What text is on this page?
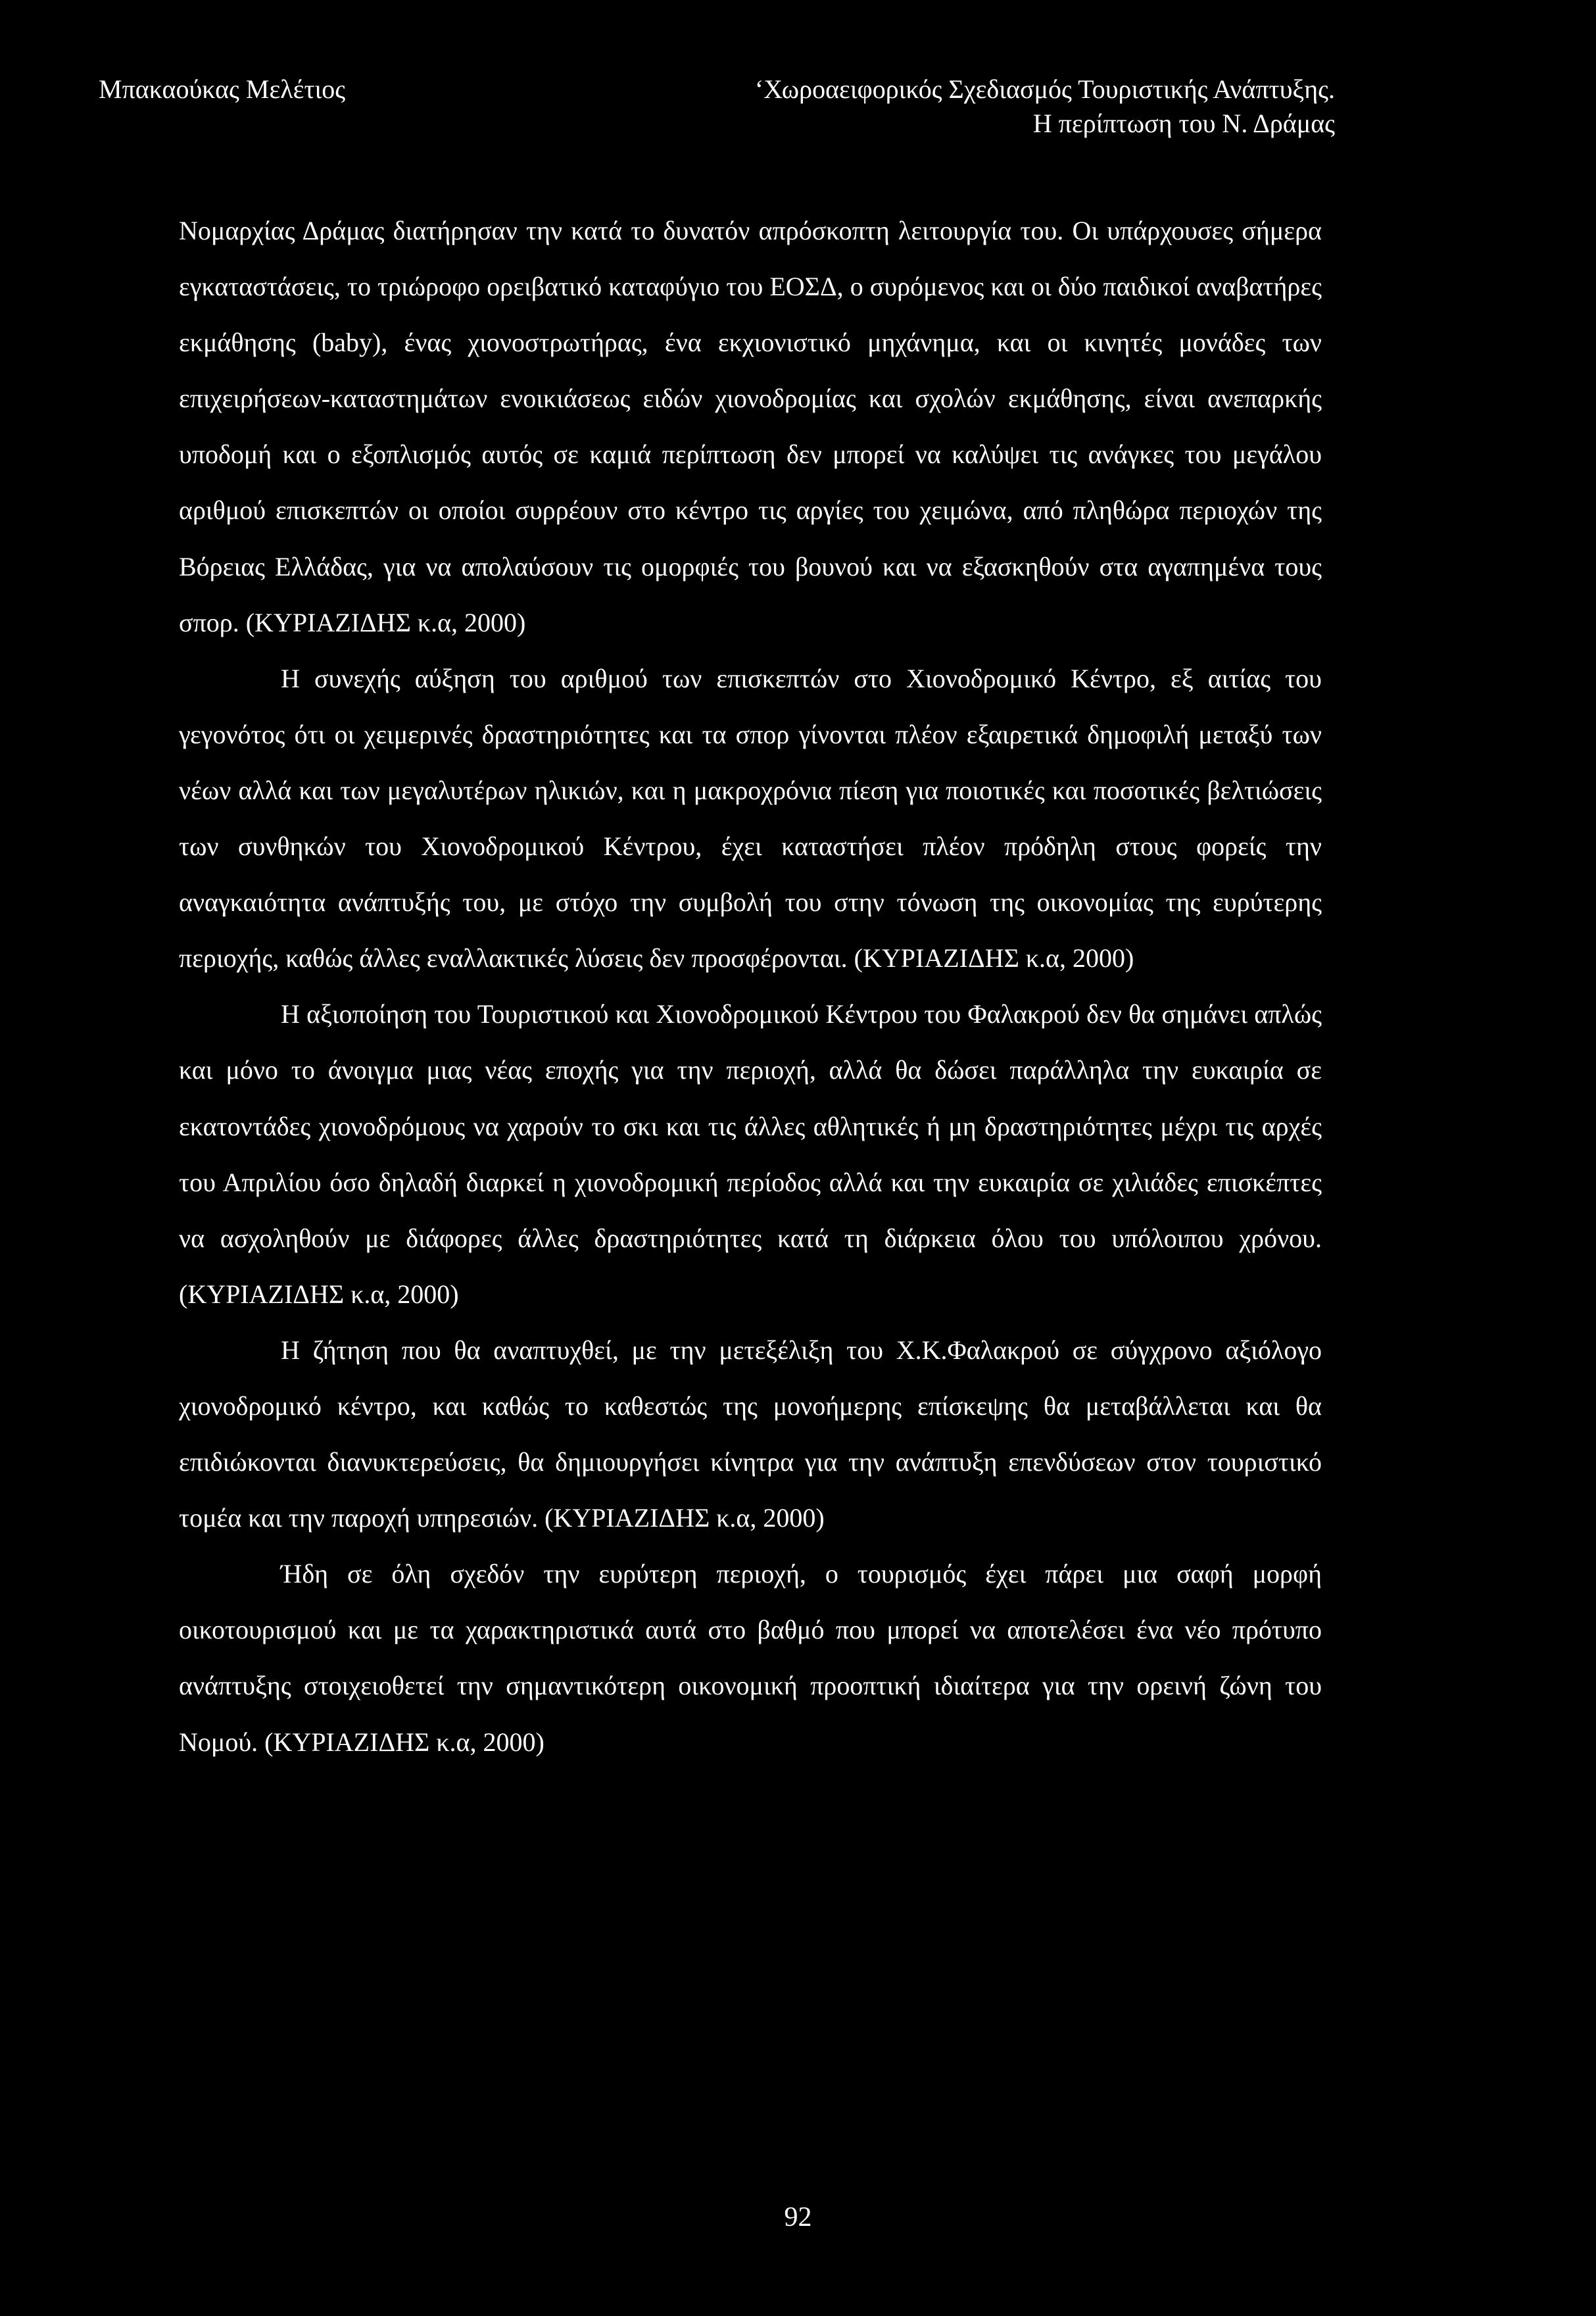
Μπακαούκας Μελέτιος	‘Χωροαειφορικός Σχεδιασμός Τουριστικής Ανάπτυξης.
Η περίπτωση του Ν. Δράμας

Νομαρχίας Δράμας διατήρησαν την κατά το δυνατόν απρόσκοπτη λειτουργία του. Οι υπάρχουσες σήμερα εγκαταστάσεις, το τριώροφο ορειβατικό καταφύγιο του ΕΟΣΔ, ο συρόμενος και οι δύο παιδικοί αναβατήρες εκμάθησης (baby), ένας χιονοστρωτήρας, ένα εκχιονιστικό μηχάνημα, και οι κινητές μονάδες των επιχειρήσεων-καταστημάτων ενοικιάσεως ειδών χιονοδρομίας και σχολών εκμάθησης, είναι ανεπαρκής υποδομή και ο εξοπλισμός αυτός σε καμιά περίπτωση δεν μπορεί να καλύψει τις ανάγκες του μεγάλου αριθμού επισκεπτών οι οποίοι συρρέουν στο κέντρο τις αργίες του χειμώνα, από πληθώρα περιοχών της Βόρειας Ελλάδας, για να απολαύσουν τις ομορφιές του βουνού και να εξασκηθούν στα αγαπημένα τους σπορ. (ΚΥΡΙΑΖΙΔΗΣ κ.α, 2000)

Η συνεχής αύξηση του αριθμού των επισκεπτών στο Χιονοδρομικό Κέντρο, εξ αιτίας του γεγονότος ότι οι χειμερινές δραστηριότητες και τα σπορ γίνονται πλέον εξαιρετικά δημοφιλή μεταξύ των νέων αλλά και των μεγαλυτέρων ηλικιών, και η μακροχρόνια πίεση για ποιοτικές και ποσοτικές βελτιώσεις των συνθηκών του Χιονοδρομικού Κέντρου, έχει καταστήσει πλέον πρόδηλη στους φορείς την αναγκαιότητα ανάπτυξής του, με στόχο την συμβολή του στην τόνωση της οικονομίας της ευρύτερης περιοχής, καθώς άλλες εναλλακτικές λύσεις δεν προσφέρονται. (ΚΥΡΙΑΖΙΔΗΣ κ.α, 2000)

Η αξιοποίηση του Τουριστικού και Χιονοδρομικού Κέντρου του Φαλακρού δεν θα σημάνει απλώς και μόνο το άνοιγμα μιας νέας εποχής για την περιοχή, αλλά θα δώσει παράλληλα την ευκαιρία σε εκατοντάδες χιονοδρόμους να χαρούν το σκι και τις άλλες αθλητικές ή μη δραστηριότητες μέχρι τις αρχές του Απριλίου όσο δηλαδή διαρκεί η χιονοδρομική περίοδος αλλά και την ευκαιρία σε χιλιάδες επισκέπτες να ασχοληθούν με διάφορες άλλες δραστηριότητες κατά τη διάρκεια όλου του υπόλοιπου χρόνου. (ΚΥΡΙΑΖΙΔΗΣ κ.α, 2000)

Η ζήτηση που θα αναπτυχθεί, με την μετεξέλιξη του Χ.Κ.Φαλακρού σε σύγχρονο αξιόλογο χιονοδρομικό κέντρο, και καθώς το καθεστώς της μονοήμερης επίσκεψης θα μεταβάλλεται και θα επιδιώκονται διανυκτερεύσεις, θα δημιουργήσει κίνητρα για την ανάπτυξη επενδύσεων στον τουριστικό τομέα και την παροχή υπηρεσιών. (ΚΥΡΙΑΖΙΔΗΣ κ.α, 2000)

Ήδη σε όλη σχεδόν την ευρύτερη περιοχή, ο τουρισμός έχει πάρει μια σαφή μορφή οικοτουρισμού και με τα χαρακτηριστικά αυτά στο βαθμό που μπορεί να αποτελέσει ένα νέο πρότυπο ανάπτυξης στοιχειοθετεί την σημαντικότερη οικονομική προοπτική ιδιαίτερα για την ορεινή ζώνη του Νομού. (ΚΥΡΙΑΖΙΔΗΣ κ.α, 2000)

92
